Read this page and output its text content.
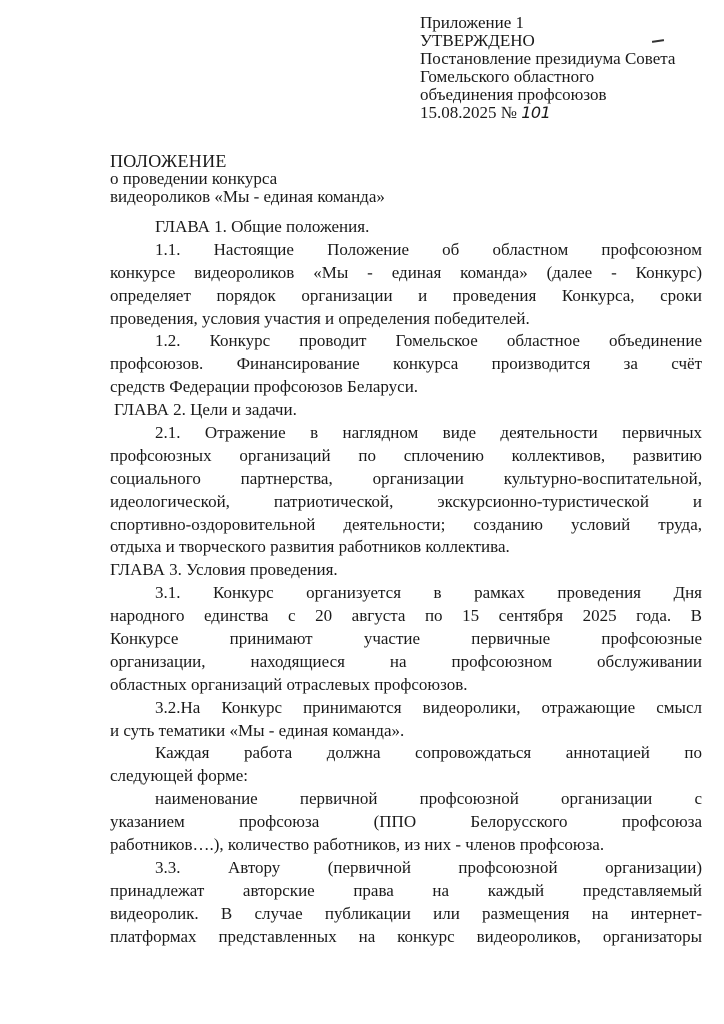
Приложение 1
УТВЕРЖДЕНО
Постановление президиума Совета
Гомельского областного
объединения профсоюзов
15.08.2025 № 101
ПОЛОЖЕНИЕ
о проведении конкурса
видеороликов «Мы - единая команда»
ГЛАВА 1. Общие положения.
1.1. Настоящие Положение об областном профсоюзном
конкурсе видеороликов «Мы - единая команда» (далее - Конкурс)
определяет порядок организации и проведения Конкурса, сроки
проведения, условия участия и определения победителей.
1.2. Конкурс проводит Гомельское областное объединение
профсоюзов. Финансирование конкурса производится за счёт
средств Федерации профсоюзов Беларуси.
ГЛАВА 2. Цели и задачи.
2.1. Отражение в наглядном виде деятельности первичных
профсоюзных организаций по сплочению коллективов, развитию
социального партнерства, организации культурно-воспитательной,
идеологической, патриотической, экскурсионно-туристической и
спортивно-оздоровительной деятельности; созданию условий труда,
отдыха и творческого развития работников коллектива.
ГЛАВА 3. Условия проведения.
3.1. Конкурс организуется в рамках проведения Дня
народного единства с 20 августа по 15 сентября 2025 года. В
Конкурсе принимают участие первичные профсоюзные
организации, находящиеся на профсоюзном обслуживании
областных организаций отраслевых профсоюзов.
3.2.На Конкурс принимаются видеоролики, отражающие смысл
и суть тематики «Мы - единая команда».
Каждая работа должна сопровождаться аннотацией по
следующей форме:
наименование первичной профсоюзной организации с
указанием профсоюза (ППО Белорусского профсоюза
работников….), количество работников, из них - членов профсоюза.
3.3. Автору (первичной профсоюзной организации)
принадлежат авторские права на каждый представляемый
видеоролик. В случае публикации или размещения на интернет-
платформах представленных на конкурс видеороликов, организаторы
